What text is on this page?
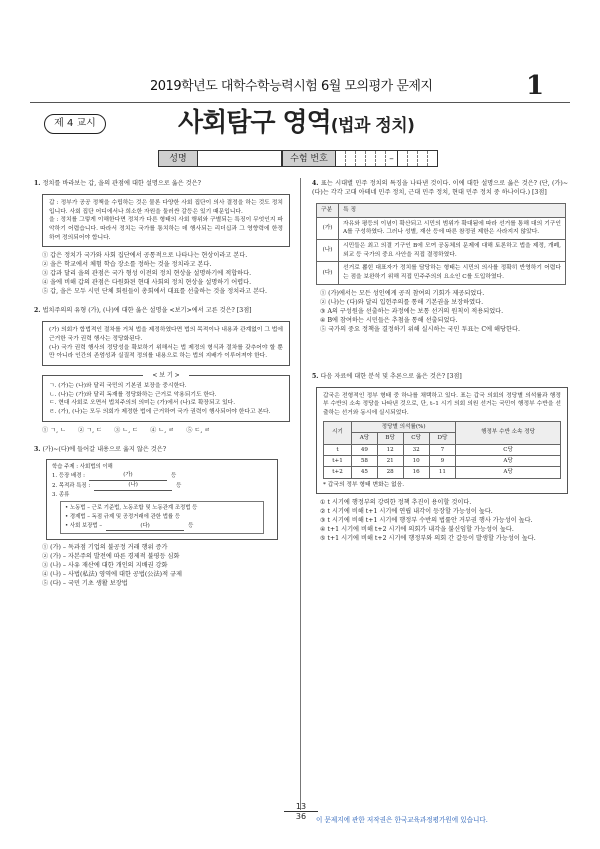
2019학년도 대학수학능력시험 6월 모의평가 문제지	1
제 4 교시	사회탐구 영역(법과 정치)
성명	수험 번호	–
1. 정치를 바라보는 갑, 을의 관점에 대한 설명으로 옳은 것은?

갑 : 정부가 공공 정책을 수립하는 것은 물론 다양한 사회 집단이 의사 결정을 하는 것도 정치입니다. 사회 집단 어디에서나 희소한 자원을 둘러싼 갈등은 있기 때문입니다.

을 : 정치를 그렇게 이해한다면 정치가 다른 형태의 사회 행위와 구별되는 특징이 무엇인지 파악하기 어렵습니다. 따라서 정치는 국가를 통치하는 데 행사되는 리더십과 그 영향력에 한정하여 정의되어야 합니다.

① 갑은 정치가 국가와 사회 집단에서 공통적으로 나타나는 현상이라고 본다.
② 을은 학교에서 체험 학습 장소를 정하는 것을 정치라고 본다.
③ 갑과 달리 을의 관점은 국가 형성 이전의 정치 현상을 설명하기에 적합하다.
④ 을에 비해 갑의 관점은 다원화된 현대 사회의 정치 현상을 설명하기 어렵다.
⑤ 갑, 을은 모두 시민 단체 회원들이 총회에서 대표를 선출하는 것을 정치라고 본다.
2. 법치주의의 유형 (가), (나)에 대한 옳은 설명을 <보기>에서 고른 것은? [3점]

(가) 의회가 합법적인 절차를 거쳐 법을 제정하였다면 법의 목적이나 내용과 관계없이 그 법에 근거한 국가 권력 행사는 정당화된다.

(나) 국가 권력 행사의 정당성을 확보하기 위해서는 법 제정의 형식과 절차를 갖추어야 할 뿐만 아니라 인간의 존엄성과 실질적 정의를 내용으로 하는 법의 지배가 이루어져야 한다.

< 보 기 >

ㄱ. (가)는 (나)와 달리 국민의 기본권 보장을 중시한다.

ㄴ. (나)는 (가)와 달리 독재를 정당화하는 근거로 악용되기도 한다.

ㄷ. 현대 사회로 오면서 법치주의의 의미는 (가)에서 (나)로 확장되고 있다.

ㄹ. (가), (나)는 모두 의회가 제정한 법에 근거하여 국가 권력이 행사되어야 한다고 본다.

① ㄱ, ㄴ ② ㄱ, ㄷ ③ ㄴ, ㄷ ④ ㄴ, ㄹ ⑤ ㄷ, ㄹ
3. (가)~(다)에 들어갈 내용으로 옳지 않은 것은?
학습 주제 : 사회법의 이해
1. 등장 배경 :	(가)	등
2. 목적과 특징 :	(나)	등
3. 종류
• 노동법 – 근로 기준법, 노동조합 및 노동관계 조정법 등
• 경제법 – 독점 규제 및 공정거래에 관한 법률 등
• 사회 보장법 –	(다)	등
① (가) – 독과점 기업의 불공정 거래 행위 증가
② (가) – 자본주의 발전에 따른 경제적 불평등 심화
③ (나) – 사유 재산에 대한 개인의 지배권 강화
④ (나) – 사법(私法) 영역에 대한 공법(公法)적 규제
⑤ (다) – 국민 기초 생활 보장법
4. 표는 시대별 민주 정치의 특징을 나타낸 것이다. 이에 대한 설명으로 옳은 것은? (단, (가)~(다)는 각각 고대 아테네 민주 정치, 근대 민주 정치, 현대 민주 정치 중 하나이다.) [3점]
구분	특 징
(가)	자유와 평등의 이념이 확산되고 시민의 범위가 확대됨에 따라 선거를 통해 대의 기구인 A를 구성하였다. 그러나 성별, 재산 등에 따른 참정권 제한은 사라지지 않았다.
(나)	시민들은 최고 의결 기구인 B에 모여 공동체의 문제에 대해 토론하고 법을 제정, 개폐, 외교 등 국가의 중요 사안을 직접 결정하였다.
(다)	선거로 뽑힌 대표자가 정치를 담당하는 형태는 시민의 의사를 정확히 반영하기 어렵다는 점을 보완하기 위해 직접 민주주의의 요소인 C를 도입하였다.
① (가)에서는 모든 성인에게 공직 참여의 기회가 제공되었다.
② (나)는 (다)와 달리 입헌주의를 통해 기본권을 보장하였다.
③ A의 구성원을 선출하는 과정에는 보통 선거의 원칙이 적용되었다.
④ B에 참여하는 시민들은 추첨을 통해 선출되었다.
⑤ 국가의 중요 정책을 결정하기 위해 실시하는 국민 투표는 C에 해당한다.
5. 다음 자료에 대한 분석 및 추론으로 옳은 것은? [3점]

갑국은 전형적인 정부 형태 중 하나를 채택하고 있다. 표는 갑국 의회의 정당별 의석률과 행정부 수반의 소속 정당을 나타낸 것으로, 단, t–1 시기 의회 의원 선거는 국민이 행정부 수반을 선출하는 선거와 동시에 실시되었다.

시기	정당별 의석률(%)				행정부 수반 소속 정당
	A당	B당	C당	D당	
t	49	12	32	7	C당
t+1	58	21	10	9	A당
t+2	45	28	16	11	A당

* 갑국의 정부 형태 변화는 없음.

① t 시기에 행정부의 강력한 정책 추진이 용이할 것이다.
② t 시기에 비해 t+1 시기에 연립 내각이 등장할 가능성이 높다.
③ t 시기에 비해 t+1 시기에 행정부 수반의 법률안 거부권 행사 가능성이 높다.
④ t+1 시기에 비해 t+2 시기에 의회가 내각을 불신임할 가능성이 높다.
⑤ t+1 시기에 비해 t+2 시기에 행정부와 의회 간 갈등이 발생할 가능성이 높다.
13
36	이 문제지에 관한 저작권은 한국교육과정평가원에 있습니다.
